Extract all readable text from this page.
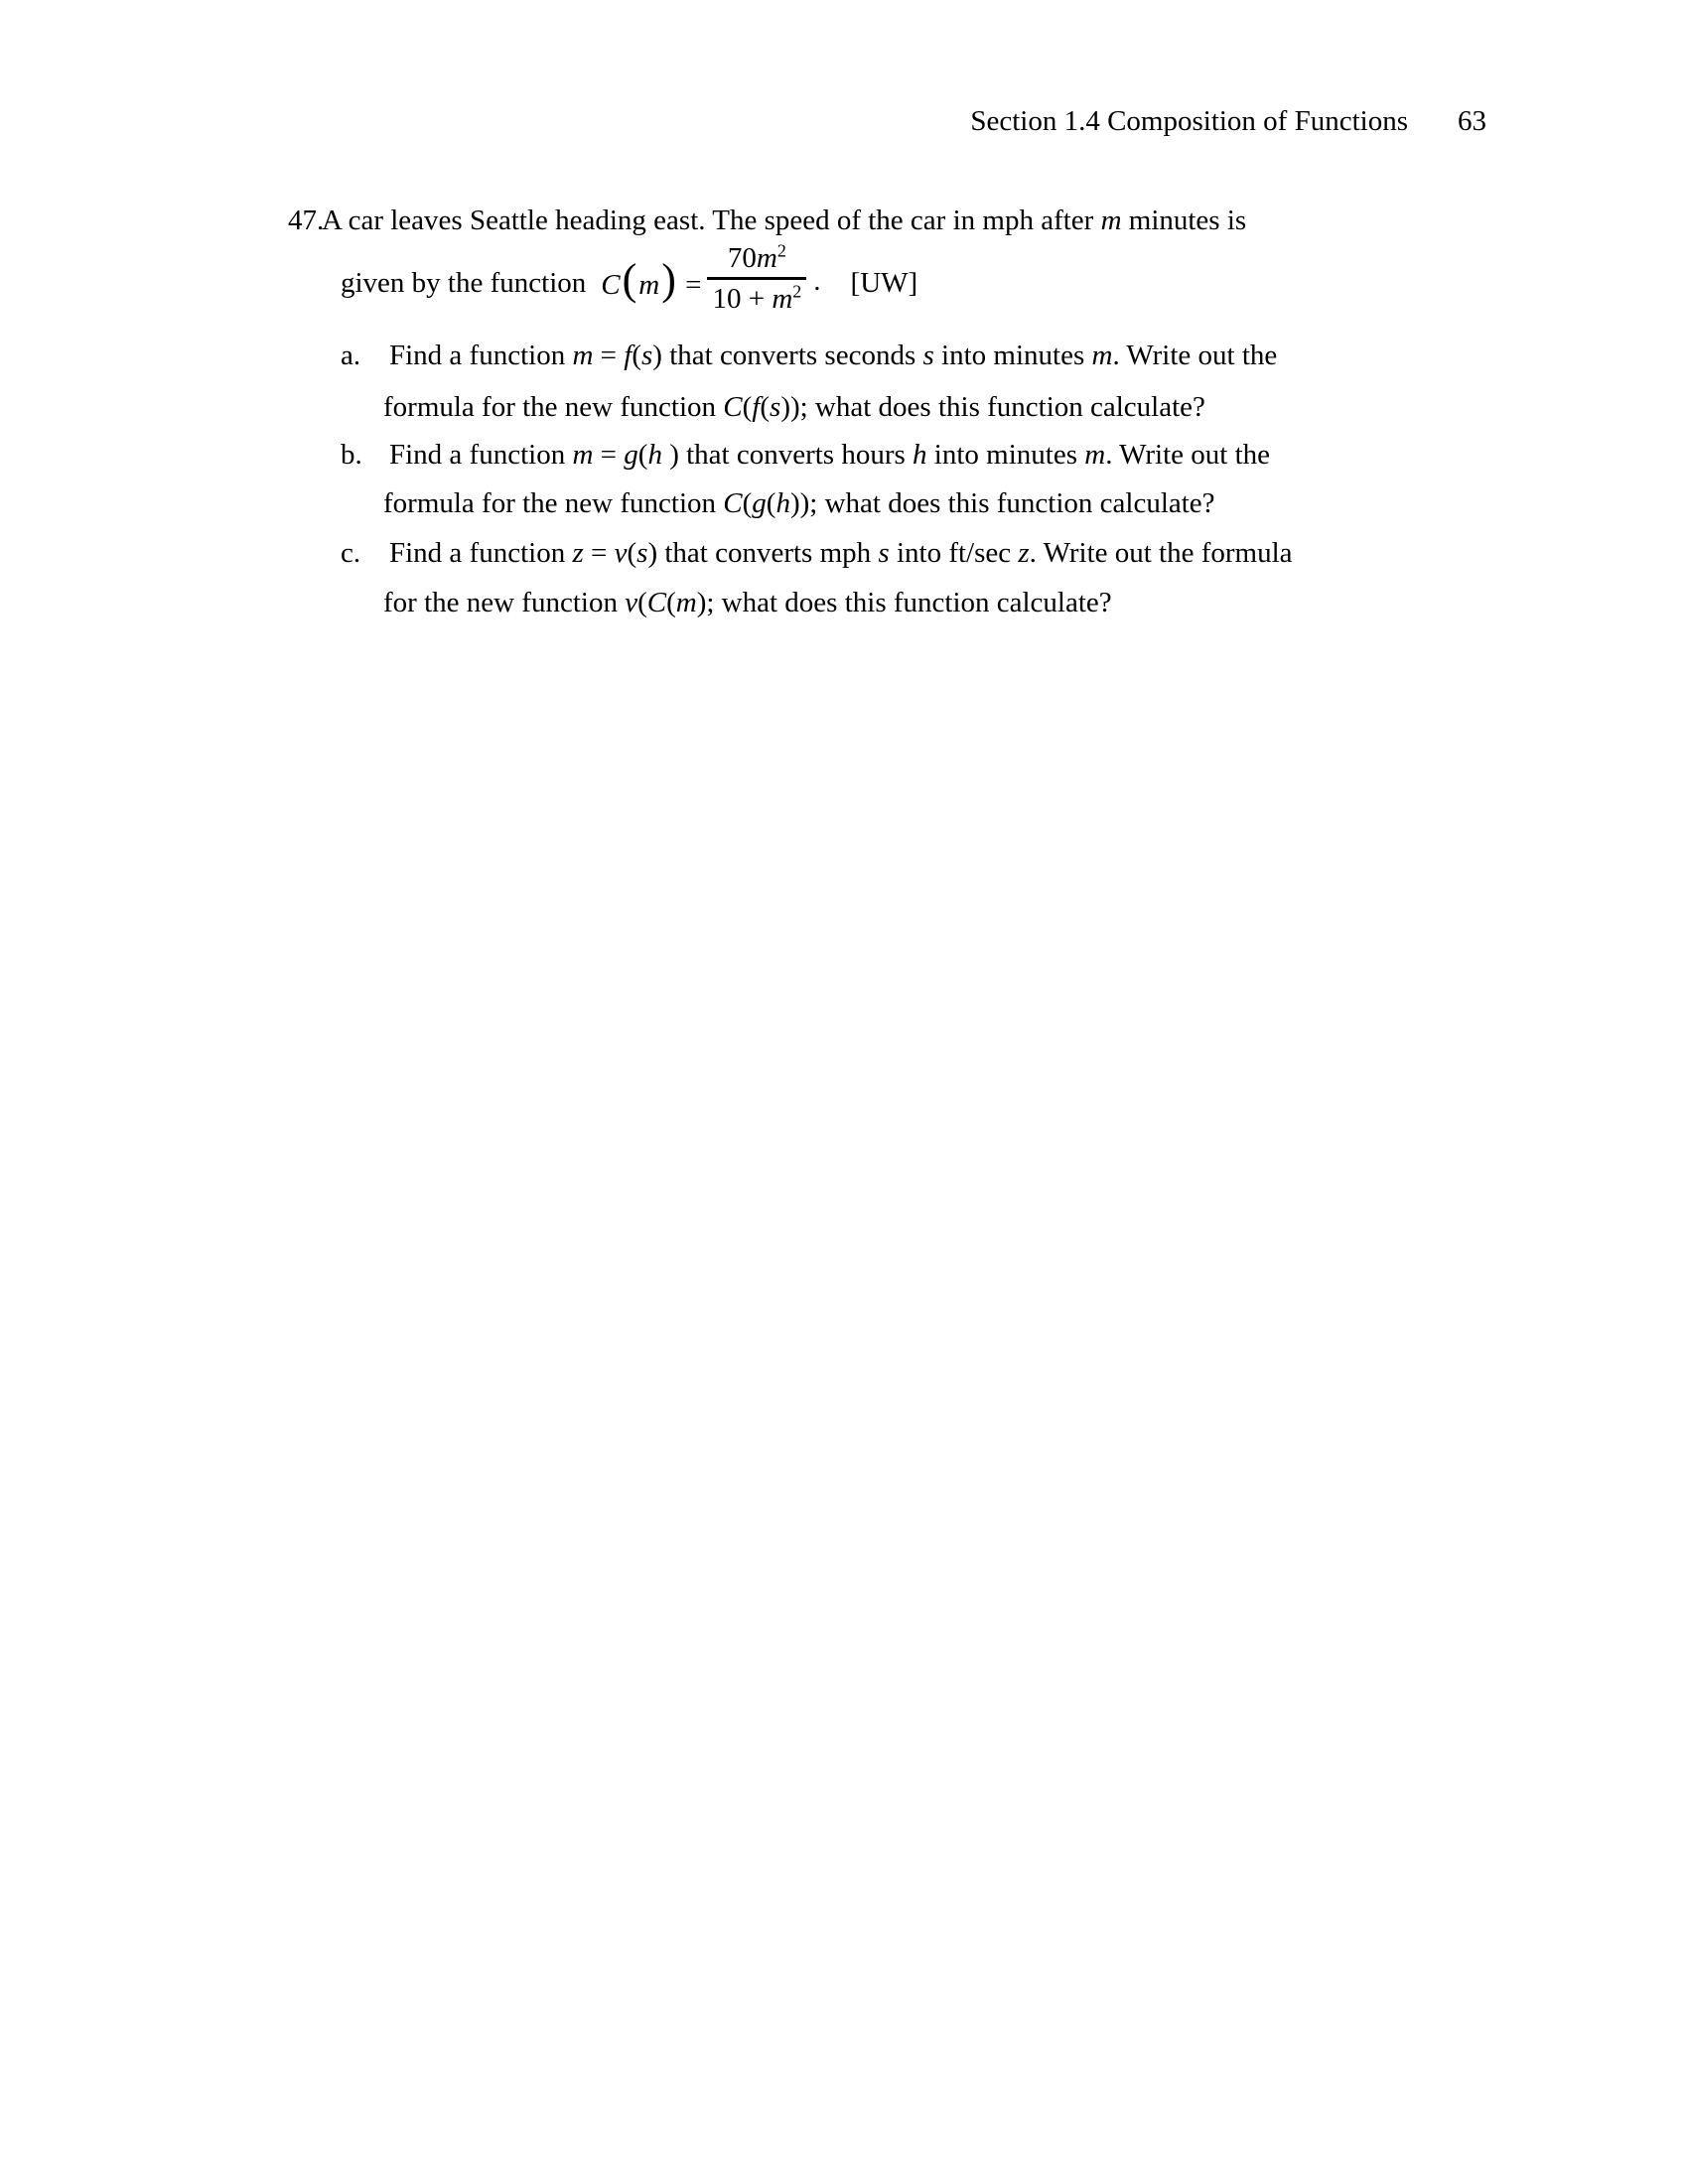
Section 1.4 Composition of Functions 63
47.A car leaves Seattle heading east. The speed of the car in mph after m minutes is
given by the function $C(m) = \frac{70m^2}{10 + m^2}$ . [UW]
a. Find a function m = f(s) that converts seconds s into minutes m. Write out the
formula for the new function C(f(s)); what does this function calculate?
b. Find a function m = g(h ) that converts hours h into minutes m. Write out the
formula for the new function C(g(h)); what does this function calculate?
c. Find a function z = v(s) that converts mph s into ft/sec z. Write out the formula
for the new function v(C(m); what does this function calculate?
